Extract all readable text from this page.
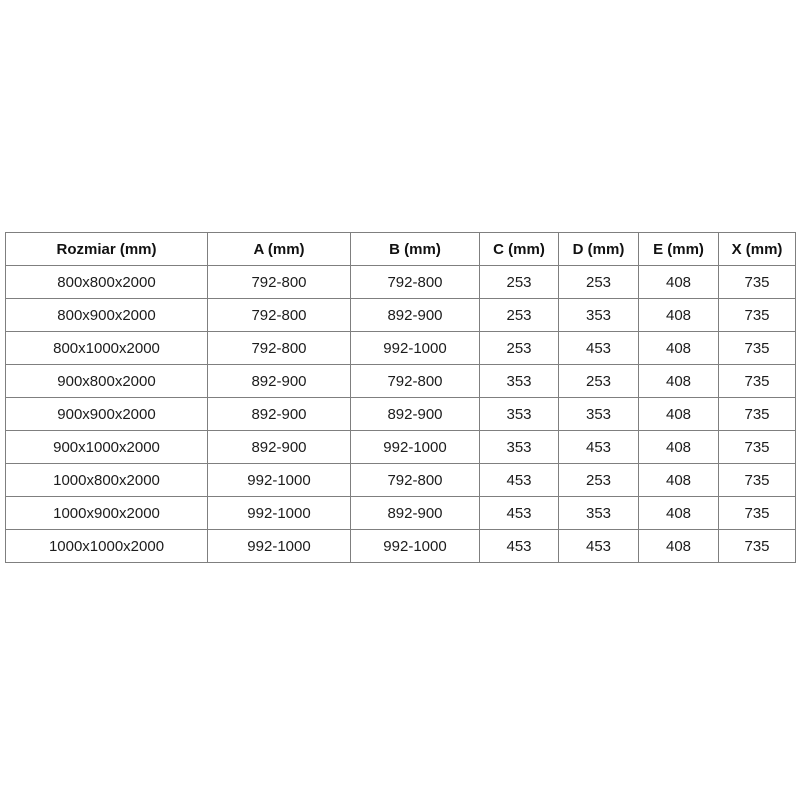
Rozmiar (mm)	A (mm)	B (mm)	C (mm)	D (mm)	E (mm)	X (mm)
800x800x2000	792-800	792-800	253	253	408	735
800x900x2000	792-800	892-900	253	353	408	735
800x1000x2000	792-800	992-1000	253	453	408	735
900x800x2000	892-900	792-800	353	253	408	735
900x900x2000	892-900	892-900	353	353	408	735
900x1000x2000	892-900	992-1000	353	453	408	735
1000x800x2000	992-1000	792-800	453	253	408	735
1000x900x2000	992-1000	892-900	453	353	408	735
1000x1000x2000	992-1000	992-1000	453	453	408	735
